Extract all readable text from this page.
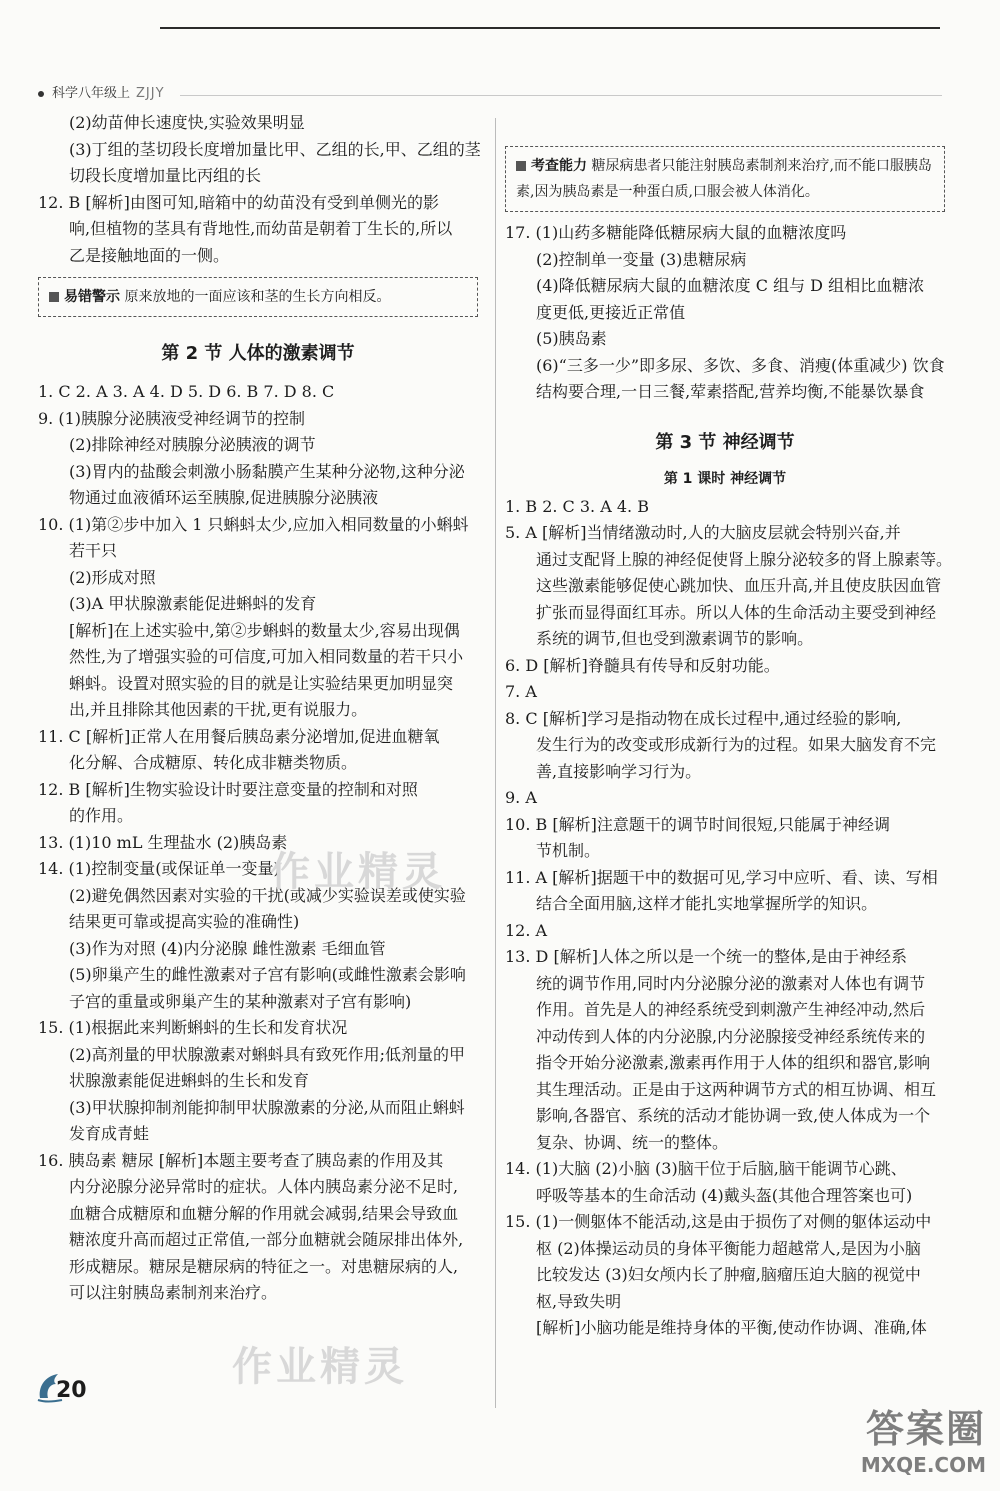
科学八年级上 ZJJY

(2)幼苗伸长速度快,实验效果明显

(3)丁组的茎切段长度增加量比甲、乙组的长,甲、乙组的茎

切段长度增加量比丙组的长

12. B [解析]由图可知,暗箱中的幼苗没有受到单侧光的影

响,但植物的茎具有背地性,而幼苗是朝着丁生长的,所以

乙是接触地面的一侧。

易错警示 原来放地的一面应该和茎的生长方向相反。
第 2 节 人体的激素调节

1. C 2. A 3. A 4. D 5. D 6. B 7. D 8. C

9. (1)胰腺分泌胰液受神经调节的控制

(2)排除神经对胰腺分泌胰液的调节

(3)胃内的盐酸会刺激小肠黏膜产生某种分泌物,这种分泌

物通过血液循环运至胰腺,促进胰腺分泌胰液

10. (1)第②步中加入 1 只蝌蚪太少,应加入相同数量的小蝌蚪

若干只

(2)形成对照

(3)A 甲状腺激素能促进蝌蚪的发育

[解析]在上述实验中,第②步蝌蚪的数量太少,容易出现偶

然性,为了增强实验的可信度,可加入相同数量的若干只小

蝌蚪。设置对照实验的目的就是让实验结果更加明显突

出,并且排除其他因素的干扰,更有说服力。

11. C [解析]正常人在用餐后胰岛素分泌增加,促进血糖氧

化分解、合成糖原、转化成非糖类物质。

12. B [解析]生物实验设计时要注意变量的控制和对照

的作用。

13. (1)10 mL 生理盐水 (2)胰岛素

14. (1)控制变量(或保证单一变量)

(2)避免偶然因素对实验的干扰(或减少实验误差或使实验

结果更可靠或提高实验的准确性)

(3)作为对照 (4)内分泌腺 雌性激素 毛细血管

(5)卵巢产生的雌性激素对子宫有影响(或雌性激素会影响

子宫的重量或卵巢产生的某种激素对子宫有影响)

15. (1)根据此来判断蝌蚪的生长和发育状况

(2)高剂量的甲状腺激素对蝌蚪具有致死作用;低剂量的甲

状腺激素能促进蝌蚪的生长和发育

(3)甲状腺抑制剂能抑制甲状腺激素的分泌,从而阻止蝌蚪

发育成青蛙

16. 胰岛素 糖尿 [解析]本题主要考查了胰岛素的作用及其

内分泌腺分泌异常时的症状。人体内胰岛素分泌不足时,

血糖合成糖原和血糖分解的作用就会减弱,结果会导致血

糖浓度升高而超过正常值,一部分血糖就会随尿排出体外,

形成糖尿。糖尿是糖尿病的特征之一。对患糖尿病的人,

可以注射胰岛素制剂来治疗。

考查能力 糖尿病患者只能注射胰岛素制剂来治疗,而不能口服胰岛素,因为胰岛素是一种蛋白质,口服会被人体消化。

17. (1)山药多糖能降低糖尿病大鼠的血糖浓度吗

(2)控制单一变量 (3)患糖尿病

(4)降低糖尿病大鼠的血糖浓度 C 组与 D 组相比血糖浓

度更低,更接近正常值

(5)胰岛素

(6)“三多一少”即多尿、多饮、多食、消瘦(体重减少) 饮食

结构要合理,一日三餐,荤素搭配,营养均衡,不能暴饮暴食

第 3 节 神经调节
第 1 课时 神经调节

1. B 2. C 3. A 4. B

5. A [解析]当情绪激动时,人的大脑皮层就会特别兴奋,并

通过支配肾上腺的神经促使肾上腺分泌较多的肾上腺素等。

这些激素能够促使心跳加快、血压升高,并且使皮肤因血管

扩张而显得面红耳赤。所以人体的生命活动主要受到神经

系统的调节,但也受到激素调节的影响。

6. D [解析]脊髓具有传导和反射功能。

7. A

8. C [解析]学习是指动物在成长过程中,通过经验的影响,

发生行为的改变或形成新行为的过程。如果大脑发育不完

善,直接影响学习行为。

9. A

10. B [解析]注意题干的调节时间很短,只能属于神经调

节机制。

11. A [解析]据题干中的数据可见,学习中应听、看、读、写相

结合全面用脑,这样才能扎实地掌握所学的知识。

12. A

13. D [解析]人体之所以是一个统一的整体,是由于神经系

统的调节作用,同时内分泌腺分泌的激素对人体也有调节

作用。首先是人的神经系统受到刺激产生神经冲动,然后

冲动传到人体的内分泌腺,内分泌腺接受神经系统传来的

指令开始分泌激素,激素再作用于人体的组织和器官,影响

其生理活动。正是由于这两种调节方式的相互协调、相互

影响,各器官、系统的活动才能协调一致,使人体成为一个

复杂、协调、统一的整体。

14. (1)大脑 (2)小脑 (3)脑干位于后脑,脑干能调节心跳、

呼吸等基本的生命活动 (4)戴头盔(其他合理答案也可)

15. (1)一侧躯体不能活动,这是由于损伤了对侧的躯体运动中

枢 (2)体操运动员的身体平衡能力超越常人,是因为小脑

比较发达 (3)妇女颅内长了肿瘤,脑瘤压迫大脑的视觉中

枢,导致失明

[解析]小脑功能是维持身体的平衡,使动作协调、准确,体

作业精灵
作业精灵
20
答案圈
MXQE.COM
